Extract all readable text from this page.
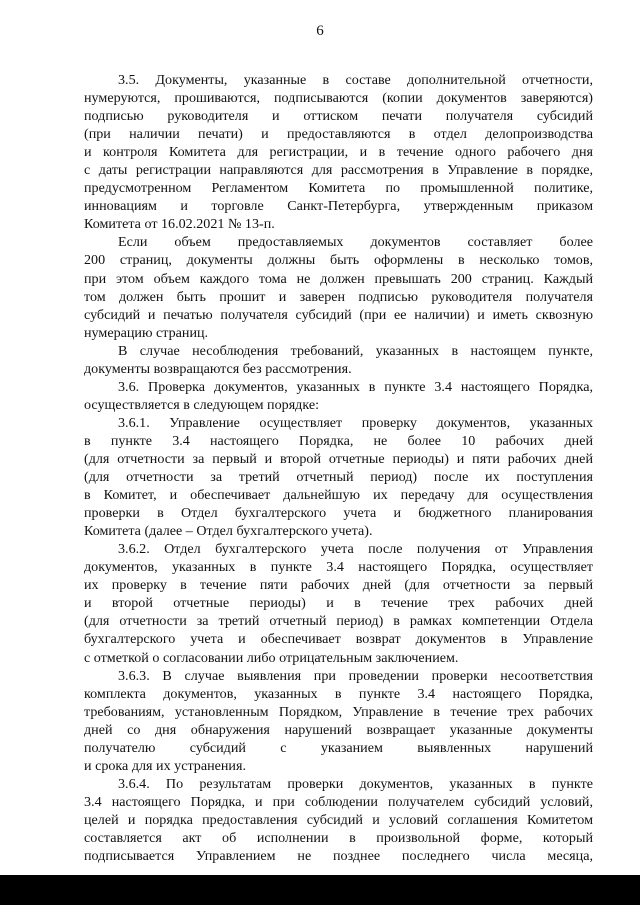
6
3.5. Документы, указанные в составе дополнительной отчетности,
нумеруются, прошиваются, подписываются (копии документов заверяются)
подписью руководителя и оттиском печати получателя субсидий
(при наличии печати) и предоставляются в отдел делопроизводства
и контроля Комитета для регистрации, и в течение одного рабочего дня
с даты регистрации направляются для рассмотрения в Управление в порядке,
предусмотренном Регламентом Комитета по промышленной политике,
инновациям и торговле Санкт-Петербурга, утвержденным приказом
Комитета от 16.02.2021 № 13-п.
Если объем предоставляемых документов составляет более
200 страниц, документы должны быть оформлены в несколько томов,
при этом объем каждого тома не должен превышать 200 страниц. Каждый
том должен быть прошит и заверен подписью руководителя получателя
субсидий и печатью получателя субсидий (при ее наличии) и иметь сквозную
нумерацию страниц.
В случае несоблюдения требований, указанных в настоящем пункте,
документы возвращаются без рассмотрения.
3.6. Проверка документов, указанных в пункте 3.4 настоящего Порядка,
осуществляется в следующем порядке:
3.6.1. Управление осуществляет проверку документов, указанных
в пункте 3.4 настоящего Порядка, не более 10 рабочих дней
(для отчетности за первый и второй отчетные периоды) и пяти рабочих дней
(для отчетности за третий отчетный период) после их поступления
в Комитет, и обеспечивает дальнейшую их передачу для осуществления
проверки в Отдел бухгалтерского учета и бюджетного планирования
Комитета (далее – Отдел бухгалтерского учета).
3.6.2. Отдел бухгалтерского учета после получения от Управления
документов, указанных в пункте 3.4 настоящего Порядка, осуществляет
их проверку в течение пяти рабочих дней (для отчетности за первый
и второй отчетные периоды) и в течение трех рабочих дней
(для отчетности за третий отчетный период) в рамках компетенции Отдела
бухгалтерского учета и обеспечивает возврат документов в Управление
с отметкой о согласовании либо отрицательным заключением.
3.6.3. В случае выявления при проведении проверки несоответствия
комплекта документов, указанных в пункте 3.4 настоящего Порядка,
требованиям, установленным Порядком, Управление в течение трех рабочих
дней со дня обнаружения нарушений возвращает указанные документы
получателю субсидий с указанием выявленных нарушений
и срока для их устранения.
3.6.4. По результатам проверки документов, указанных в пункте
3.4 настоящего Порядка, и при соблюдении получателем субсидий условий,
целей и порядка предоставления субсидий и условий соглашения Комитетом
составляется акт об исполнении в произвольной форме, который
подписывается Управлением не позднее последнего числа месяца,
